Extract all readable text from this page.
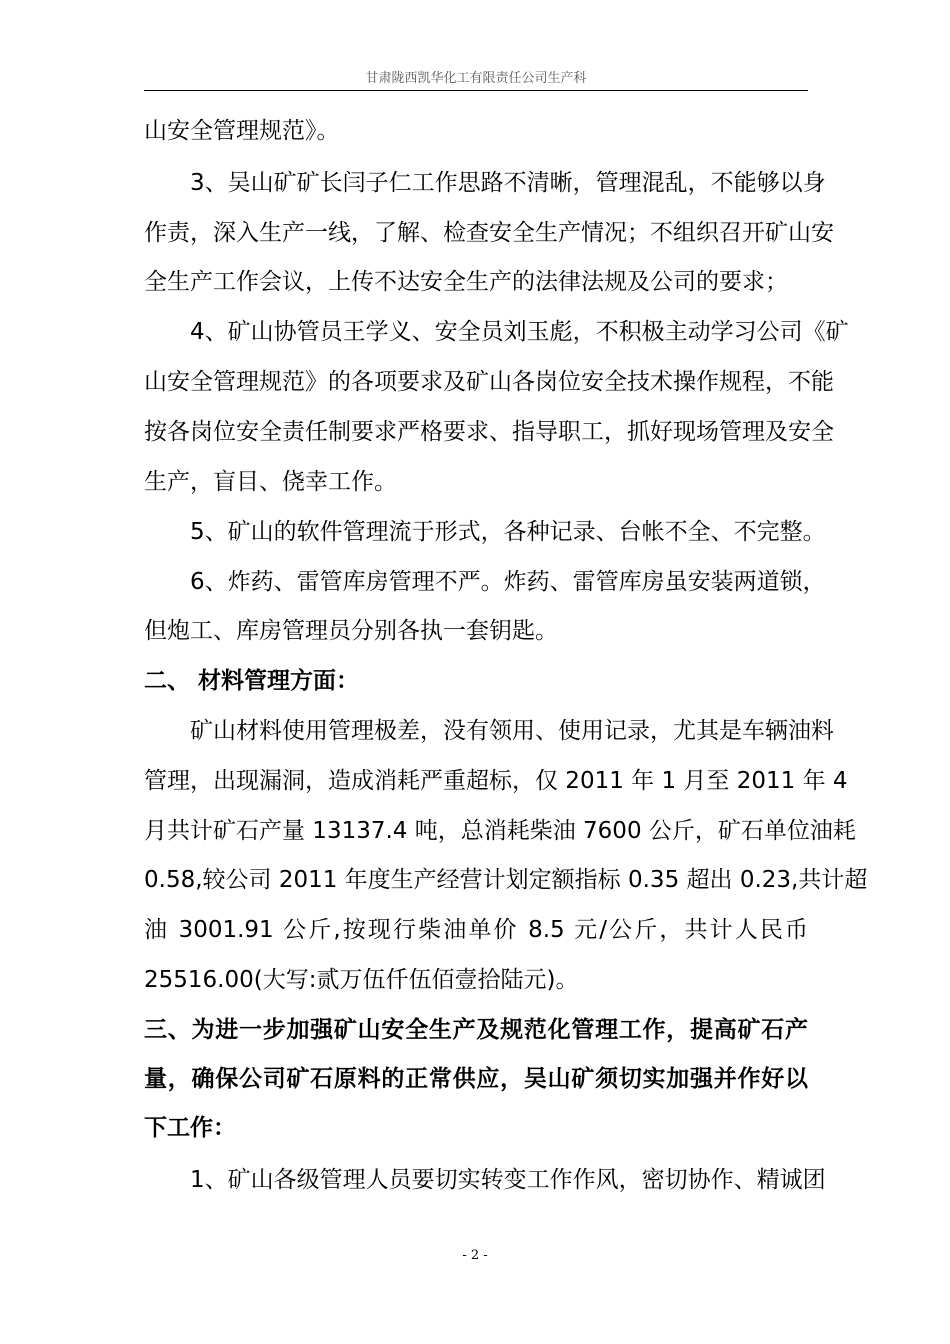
甘肃陇西凯华化工有限责任公司生产科
山安全管理规范》。
3、吴山矿矿长闫子仁工作思路不清晰，管理混乱，不能够以身
作责，深入生产一线，了解、检查安全生产情况；不组织召开矿山安
全生产工作会议，上传不达安全生产的法律法规及公司的要求；
4、矿山协管员王学义、安全员刘玉彪，不积极主动学习公司《矿
山安全管理规范》的各项要求及矿山各岗位安全技术操作规程，不能
按各岗位安全责任制要求严格要求、指导职工，抓好现场管理及安全
生产，盲目、侥幸工作。
5、矿山的软件管理流于形式，各种记录、台帐不全、不完整。
6、炸药、雷管库房管理不严。炸药、雷管库房虽安装两道锁，
但炮工、库房管理员分别各执一套钥匙。
二、 材料管理方面：
矿山材料使用管理极差，没有领用、使用记录，尤其是车辆油料
管理，出现漏洞，造成消耗严重超标，仅 2011 年 1 月至 2011 年 4
月共计矿石产量 13137.4 吨，总消耗柴油 7600 公斤，矿石单位油耗
0.58,较公司 2011 年度生产经营计划定额指标 0.35 超出 0.23,共计超
油 3001.91 公斤,按现行柴油单价 8.5 元/公斤，共计人民币
25516.00(大写:贰万伍仟伍佰壹拾陆元)。
三、为进一步加强矿山安全生产及规范化管理工作，提高矿石产
量，确保公司矿石原料的正常供应，吴山矿须切实加强并作好以
下工作：
1、矿山各级管理人员要切实转变工作作风，密切协作、精诚团
- 2 -
